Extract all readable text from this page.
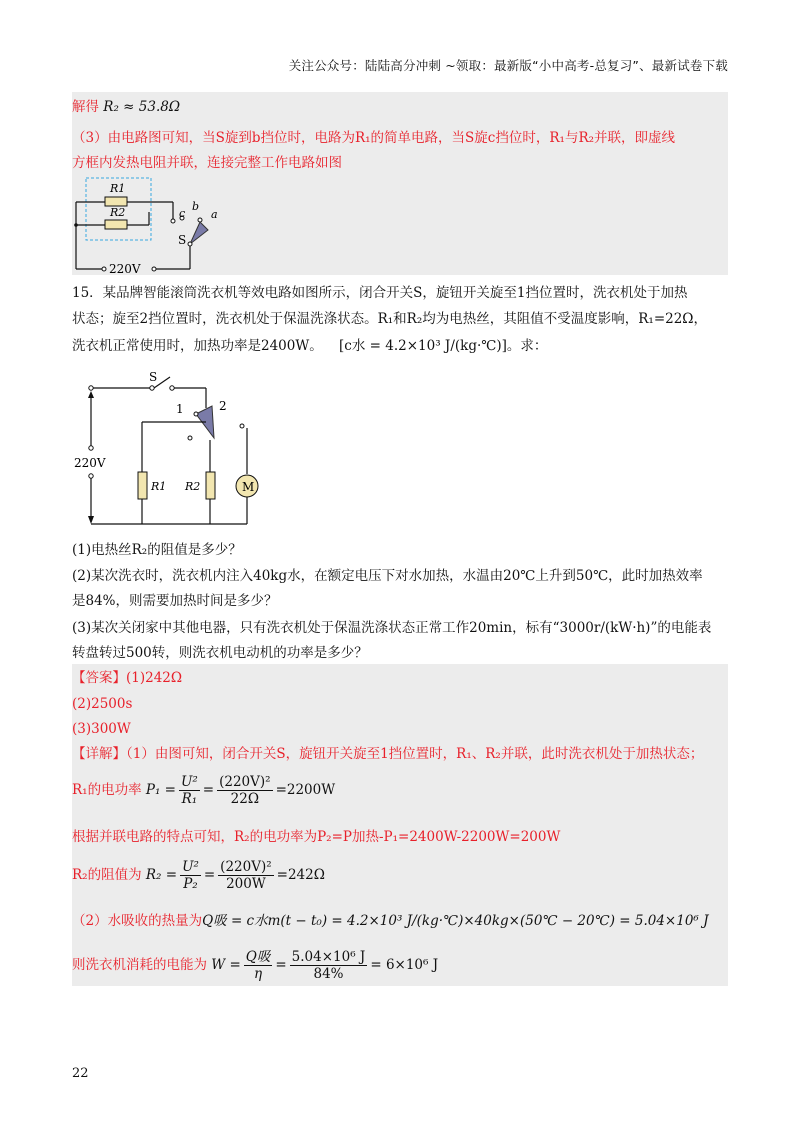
关注公众号：陆陆高分冲刺 ~领取：最新版“小中高考-总复习”、最新试卷下载
解得 R₂ ≈ 53.8Ω
（3）由电路图可知，当S旋到b挡位时，电路为R₁的简单电路，当S旋c挡位时，R₁与R₂并联，即虚线
方框内发热电阻并联，连接完整工作电路如图
R1
R2	c
b
a
S
220V
15．某品牌智能滚筒洗衣机等效电路如图所示，闭合开关S，旋钮开关旋至1挡位置时，洗衣机处于加热
状态；旋至2挡位置时，洗衣机处于保温洗涤状态。R₁和R₂均为电热丝，其阻值不受温度影响，R₁=22Ω，
洗衣机正常使用时，加热功率是2400W。 [c水 = 4.2×10³ J/(kg·℃)]。求：
M
S
1	2
220V
R1 R2
(1)电热丝R₂的阻值是多少？
(2)某次洗衣时，洗衣机内注入40kg水，在额定电压下对水加热，水温由20℃上升到50℃，此时加热效率
是84%，则需要加热时间是多少？
(3)某次关闭家中其他电器，只有洗衣机处于保温洗涤状态正常工作20min，标有“3000r/(kW·h)”的电能表
转盘转过500转，则洗衣机电动机的功率是多少？
【答案】(1)242Ω
(2)2500s
(3)300W
【详解】（1）由图可知，闭合开关S，旋钮开关旋至1挡位置时，R₁、R₂并联，此时洗衣机处于加热状态；
R₁的电功率 $P_1 = \frac{\text{U²}}{\text{R₁}} = \frac{\text{(220V)²}}{22\Omega} =2200W$
根据并联电路的特点可知，R₂的电功率为P₂=P加热-P₁=2400W-2200W=200W
R₂的阻值为 $R_2 = \frac{\text{U²}}{\text{P₂}} = \frac{\text{(220V)²}}{200W} =242\Omega$
（2）水吸收的热量为Q吸 = c水m(t − t₀) = 4.2×10³ J/(kg·℃)×40kg×(50℃ − 20℃) = 5.04×10⁶ J
则洗衣机消耗的电能为 $W = \frac{\text{Q吸}}{\eta} = \frac{\text{5.04×10⁶ J}}{84\%} = 6\times 10^6$ J
22
